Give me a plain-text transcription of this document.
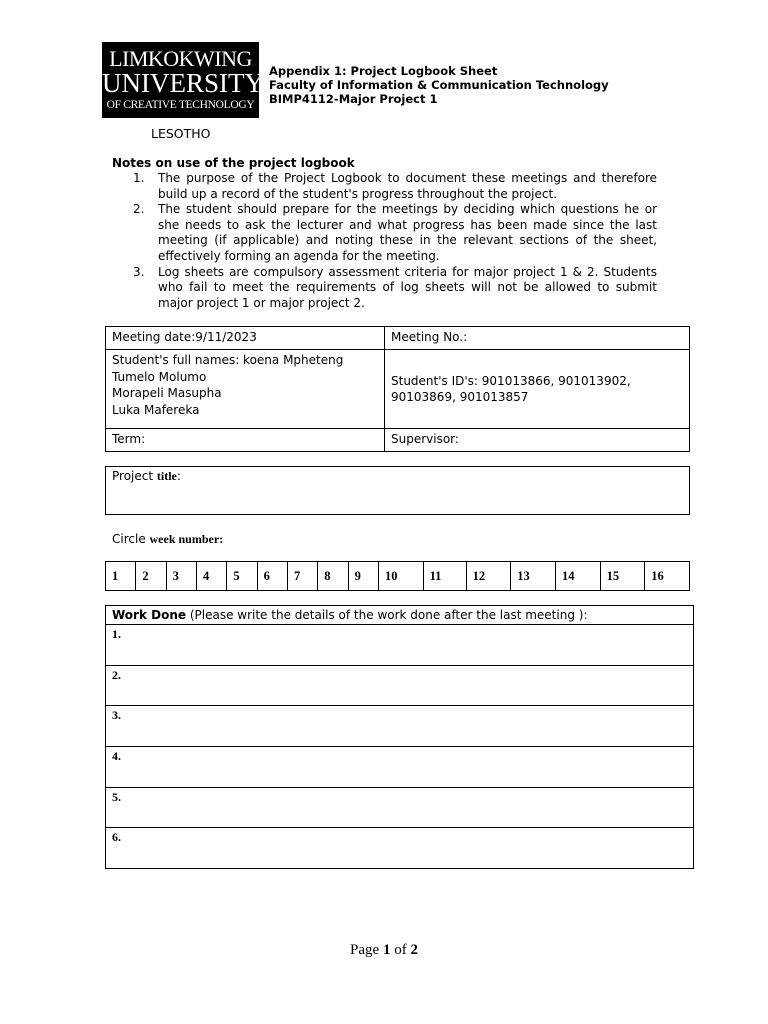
LIMKOKWING
UNIVERSITY
OF CREATIVE TECHNOLOGY
Appendix 1: Project Logbook Sheet
Faculty of Information & Communication Technology
BIMP4112-Major Project 1
LESOTHO
Notes on use of the project logbook
1. The purpose of the Project Logbook to document these meetings and therefore build up a record of the student's progress throughout the project.
2. The student should prepare for the meetings by deciding which questions he or she needs to ask the lecturer and what progress has been made since the last meeting (if applicable) and noting these in the relevant sections of the sheet, effectively forming an agenda for the meeting.
3. Log sheets are compulsory assessment criteria for major project 1 & 2. Students who fail to meet the requirements of log sheets will not be allowed to submit major project 1 or major project 2.
Meeting date:9/11/2023	Meeting No.:

Student's full names: koena Mpheteng
Tumelo Molumo
Morapeli Masupha
Luka Mafereka	Student's ID's: 901013866, 901013902, 90103869, 901013857
Term:	Supervisor:
Project title:
Circle week number:
1	2	3	4	5	6	7	8	9	10	11	12	13	14	15	16
Work Done (Please write the details of the work done after the last meeting ):
1.
2.
3.
4.
5.
6.
Page 1 of 2
